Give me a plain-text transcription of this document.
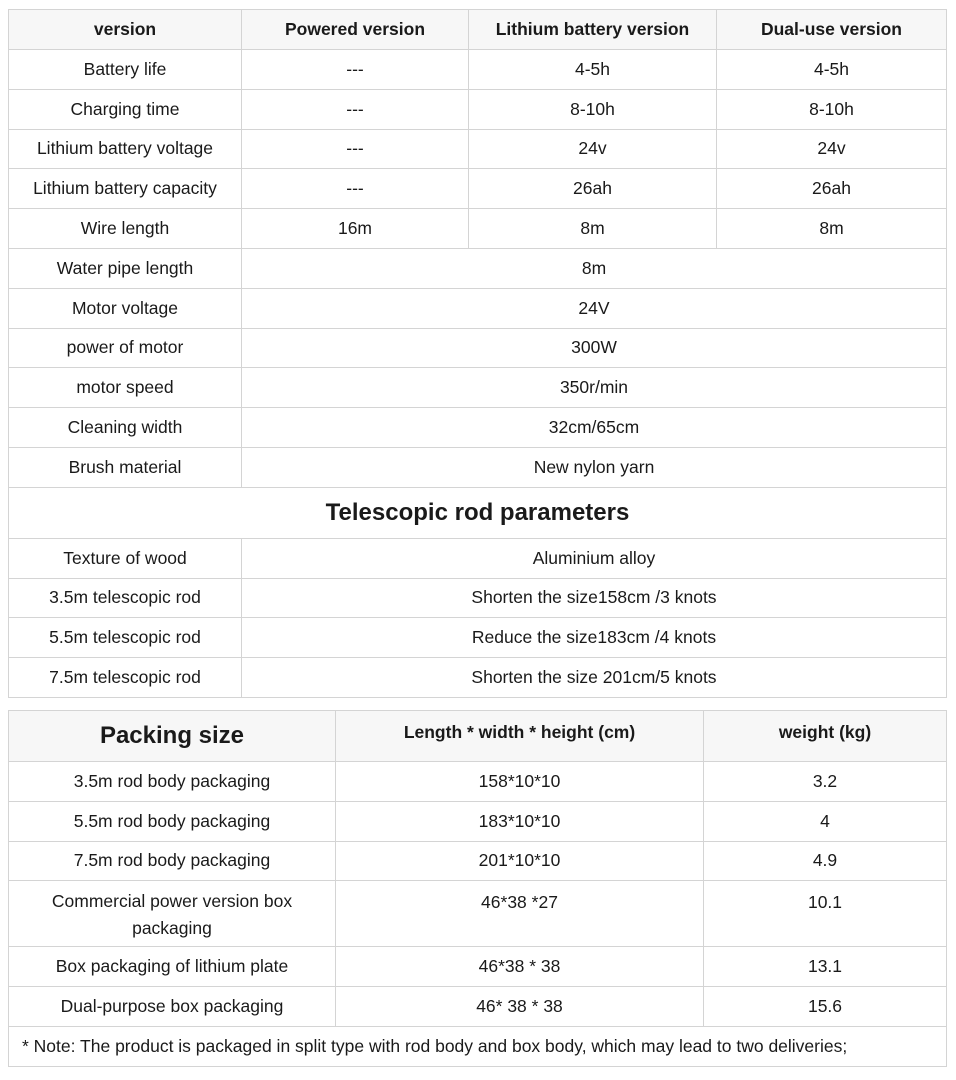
version	Powered version	Lithium battery version	Dual-use version
Battery life	---	4-5h	4-5h
Charging time	---	8-10h	8-10h
Lithium battery voltage	---	24v	24v
Lithium battery capacity	---	26ah	26ah
Wire length	16m	8m	8m
Water pipe length	8m		
Motor voltage	24V		
power of motor	300W		
motor speed	350r/min		
Cleaning width	32cm/65cm		
Brush material	New nylon yarn		
Telescopic rod parameters			
Texture of wood	Aluminium alloy		
3.5m telescopic rod	Shorten the size158cm /3 knots		
5.5m telescopic rod	Reduce the size183cm /4 knots		
7.5m telescopic rod	Shorten the size 201cm/5 knots		
Packing size	Length * width * height (cm)	weight (kg)
3.5m rod body packaging	158*10*10	3.2
5.5m rod body packaging	183*10*10	4
7.5m rod body packaging	201*10*10	4.9
Commercial power version box packaging	46*38 *27	10.1
Box packaging of lithium plate	46*38 * 38	13.1
Dual-purpose box packaging	46* 38 * 38	15.6
* Note: The product is packaged in split type with rod body and box body, which may lead to two deliveries;		
